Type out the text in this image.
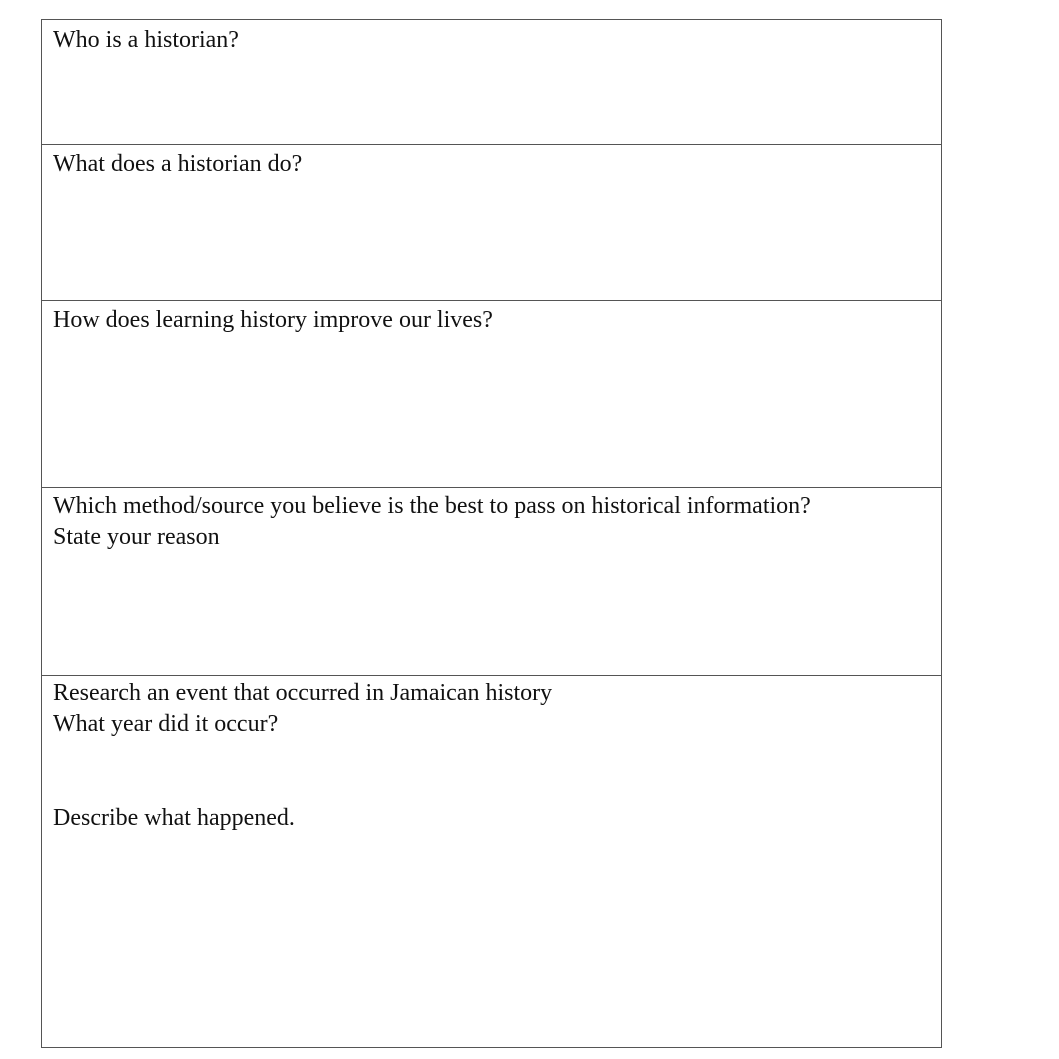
Who is a historian?
What does a historian do?
How does learning history improve our lives?
Which method/source you believe is the best to pass on historical information?
State your reason
Research an event that occurred in Jamaican history
What year did it occur?
Describe what happened.
